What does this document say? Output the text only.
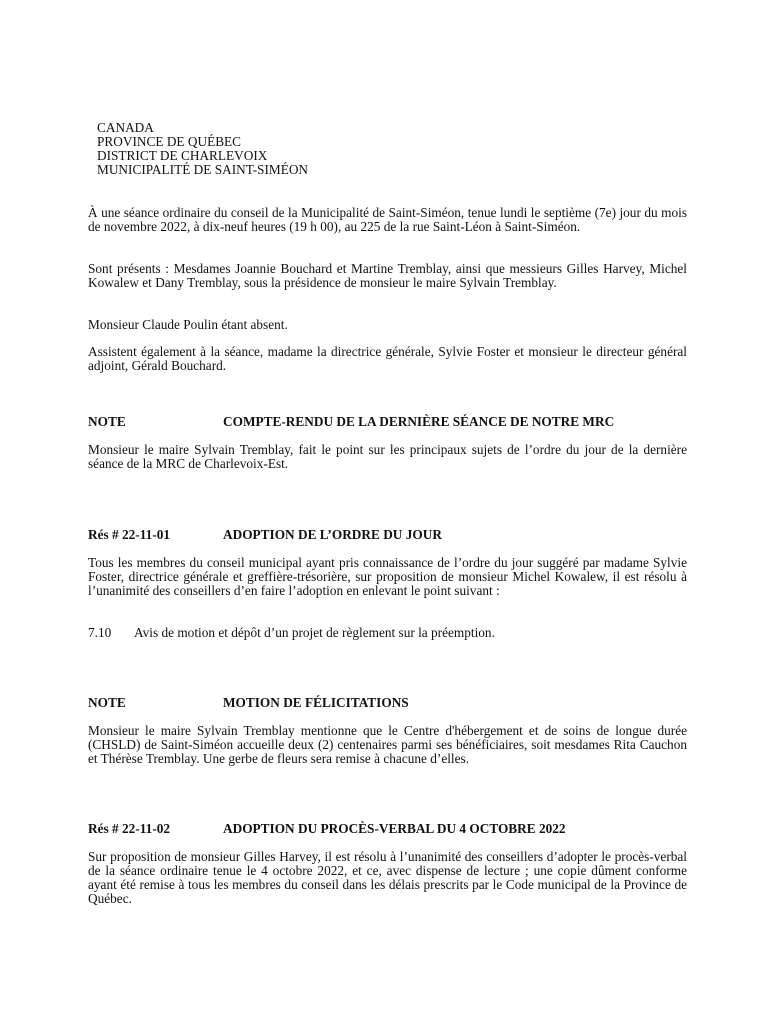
CANADA
PROVINCE DE QUÉBEC
DISTRICT DE CHARLEVOIX
MUNICIPALITÉ DE SAINT-SIMÉON
À une séance ordinaire du conseil de la Municipalité de Saint-Siméon, tenue lundi le septième (7e) jour du mois de novembre 2022, à dix-neuf heures (19 h 00), au 225 de la rue Saint-Léon à Saint-Siméon.
Sont présents : Mesdames Joannie Bouchard et Martine Tremblay, ainsi que messieurs Gilles Harvey, Michel Kowalew et Dany Tremblay, sous la présidence de monsieur le maire Sylvain Tremblay.
Monsieur Claude Poulin étant absent.
Assistent également à la séance, madame la directrice générale, Sylvie Foster et monsieur le directeur général adjoint, Gérald Bouchard.
NOTE	COMPTE-RENDU DE LA DERNIÈRE SÉANCE DE NOTRE MRC
Monsieur le maire Sylvain Tremblay, fait le point sur les principaux sujets de l’ordre du jour de la dernière séance de la MRC de Charlevoix-Est.
Rés # 22-11-01	ADOPTION DE L’ORDRE DU JOUR
Tous les membres du conseil municipal ayant pris connaissance de l’ordre du jour suggéré par madame Sylvie Foster, directrice générale et greffière-trésorière, sur proposition de monsieur Michel Kowalew, il est résolu à l’unanimité des conseillers d’en faire l’adoption en enlevant le point suivant :
7.10 Avis de motion et dépôt d’un projet de règlement sur la préemption.
NOTE	MOTION DE FÉLICITATIONS
Monsieur le maire Sylvain Tremblay mentionne que le Centre d'hébergement et de soins de longue durée (CHSLD) de Saint-Siméon accueille deux (2) centenaires parmi ses bénéficiaires, soit mesdames Rita Cauchon et Thérèse Tremblay. Une gerbe de fleurs sera remise à chacune d’elles.
Rés # 22-11-02	ADOPTION DU PROCÈS-VERBAL DU 4 OCTOBRE 2022
Sur proposition de monsieur Gilles Harvey, il est résolu à l’unanimité des conseillers d’adopter le procès-verbal de la séance ordinaire tenue le 4 octobre 2022, et ce, avec dispense de lecture ; une copie dûment conforme ayant été remise à tous les membres du conseil dans les délais prescrits par le Code municipal de la Province de Québec.
